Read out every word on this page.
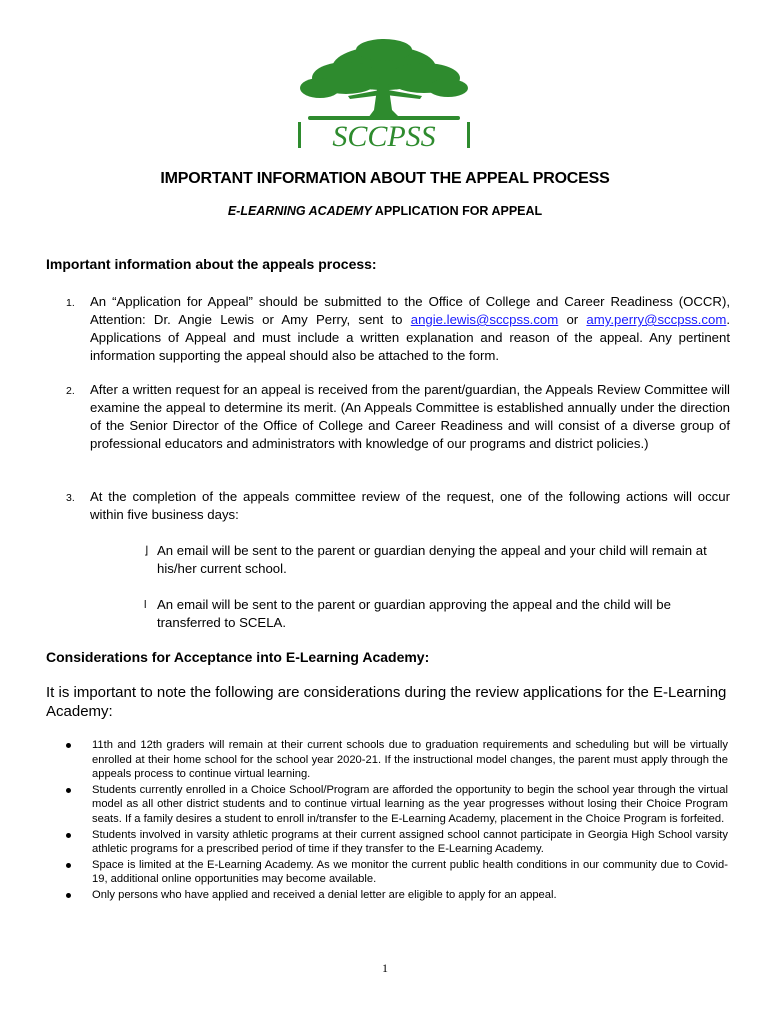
SCCPSS
IMPORTANT INFORMATION ABOUT THE APPEAL PROCESS
E-LEARNING ACADEMY APPLICATION FOR APPEAL
Important information about the appeals process:
1. An “Application for Appeal” should be submitted to the Office of College and Career Readiness (OCCR), Attention: Dr. Angie Lewis or Amy Perry, sent to angie.lewis@sccpss.com or amy.perry@sccpss.com. Applications of Appeal and must include a written explanation and reason of the appeal. Any pertinent information supporting the appeal should also be attached to the form.
2. After a written request for an appeal is received from the parent/guardian, the Appeals Review Committee will examine the appeal to determine its merit. (An Appeals Committee is established annually under the direction of the Senior Director of the Office of College and Career Readiness and will consist of a diverse group of professional educators and administrators with knowledge of our programs and district policies.)
3. At the completion of the appeals committee review of the request, one of the following actions will occur within five business days:
⌋ An email will be sent to the parent or guardian denying the appeal and your child will remain at his/her current school.
l An email will be sent to the parent or guardian approving the appeal and the child will be transferred to SCELA.
Considerations for Acceptance into E-Learning Academy:
It is important to note the following are considerations during the review applications for the E-Learning Academy:
11th and 12th graders will remain at their current schools due to graduation requirements and scheduling but will be virtually enrolled at their home school for the school year 2020-21. If the instructional model changes, the parent must apply through the appeals process to continue virtual learning.
Students currently enrolled in a Choice School/Program are afforded the opportunity to begin the school year through the virtual model as all other district students and to continue virtual learning as the year progresses without losing their Choice Program seats. If a family desires a student to enroll in/transfer to the E-Learning Academy, placement in the Choice Program is forfeited.
Students involved in varsity athletic programs at their current assigned school cannot participate in Georgia High School varsity athletic programs for a prescribed period of time if they transfer to the E-Learning Academy.
Space is limited at the E-Learning Academy. As we monitor the current public health conditions in our community due to Covid-19, additional online opportunities may become available.
Only persons who have applied and received a denial letter are eligible to apply for an appeal.
1
